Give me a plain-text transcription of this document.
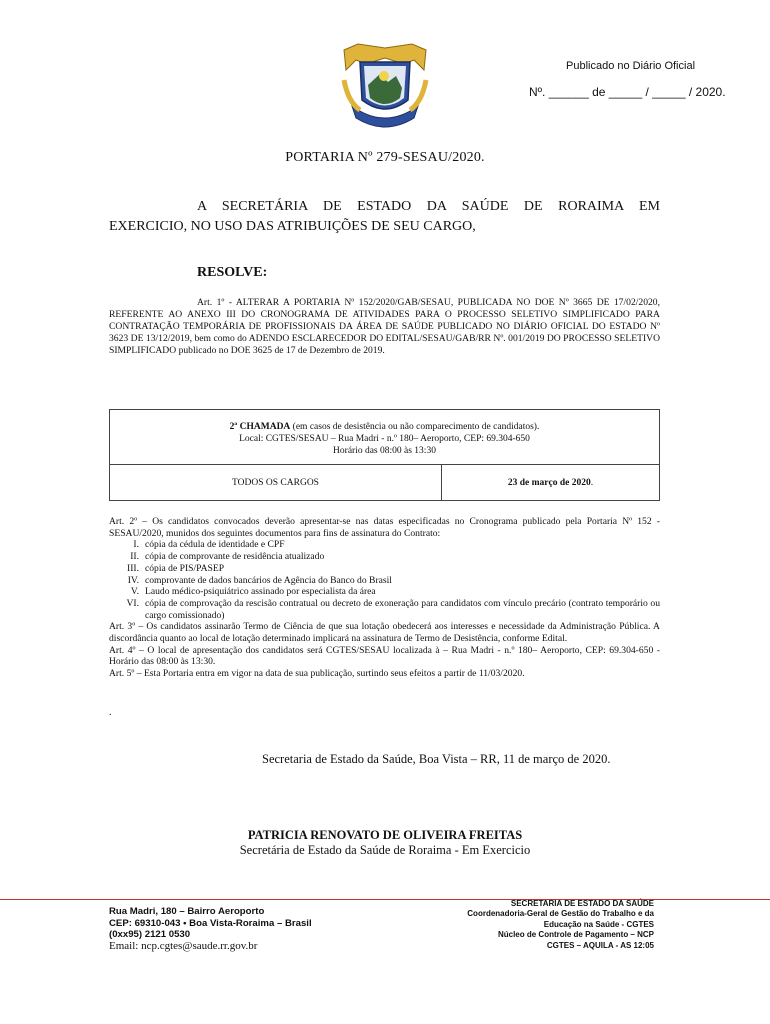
Publicado no Diário Oficial
Nº. ______ de _____ / _____ / 2020.
PORTARIA Nº 279-SESAU/2020.
A SECRETÁRIA DE ESTADO DA SAÚDE DE RORAIMA EM
EXERCICIO, NO USO DAS ATRIBUIÇÕES DE SEU CARGO,
RESOLVE:
Art. 1º - ALTERAR A PORTARIA Nº 152/2020/GAB/SESAU, PUBLICADA NO DOE Nº 3665 DE 17/02/2020, REFERENTE AO ANEXO III DO CRONOGRAMA DE ATIVIDADES PARA O PROCESSO SELETIVO SIMPLIFICADO PARA CONTRATAÇÃO TEMPORÁRIA DE PROFISSIONAIS DA ÁREA DE SAÚDE PUBLICADO NO DIÁRIO OFICIAL DO ESTADO Nº 3623 DE 13/12/2019, bem como do ADENDO ESCLARECEDOR DO EDITAL/SESAU/GAB/RR Nº. 001/2019 DO PROCESSO SELETIVO SIMPLIFICADO publicado no DOE 3625 de 17 de Dezembro de 2019.
2ª CHAMADA (em casos de desistência ou não comparecimento de candidatos).
Local: CGTES/SESAU – Rua Madri - n.º 180– Aeroporto, CEP: 69.304-650
Horário das 08:00 às 13:30
TODOS OS CARGOS	23 de março de 2020.
Art. 2º – Os candidatos convocados deverão apresentar-se nas datas especificadas no Cronograma publicado pela Portaria Nº 152 - SESAU/2020, munidos dos seguintes documentos para fins de assinatura do Contrato:
I. cópia da cédula de identidade e CPF
II. cópia de comprovante de residência atualizado
III. cópia de PIS/PASEP
IV. comprovante de dados bancários de Agência do Banco do Brasil
V. Laudo médico-psiquiátrico assinado por especialista da área
VI. cópia de comprovação da rescisão contratual ou decreto de exoneração para candidatos com vínculo precário (contrato temporário ou cargo comissionado)
Art. 3º – Os candidatos assinarão Termo de Ciência de que sua lotação obedecerá aos interesses e necessidade da Administração Pública. A discordância quanto ao local de lotação determinado implicará na assinatura de Termo de Desistência, conforme Edital.
Art. 4º – O local de apresentação dos candidatos será CGTES/SESAU localizada à – Rua Madri - n.º 180– Aeroporto, CEP: 69.304-650 - Horário das 08:00 às 13:30.
Art. 5º – Esta Portaria entra em vigor na data de sua publicação, surtindo seus efeitos a partir de 11/03/2020.
.
Secretaria de Estado da Saúde, Boa Vista – RR, 11 de março de 2020.
PATRICIA RENOVATO DE OLIVEIRA FREITAS
Secretária de Estado da Saúde de Roraima - Em Exercicio
Rua Madri, 180 – Bairro Aeroporto
CEP: 69310-043 • Boa Vista-Roraima – Brasil
(0xx95) 2121 0530
Email: ncp.cgtes@saude.rr.gov.br
SECRETARIA DE ESTADO DA SAÚDE
Coordenadoria-Geral de Gestão do Trabalho e da
Educação na Saúde - CGTES
Núcleo de Controle de Pagamento – NCP
CGTES – AQUILA - AS 12:05
